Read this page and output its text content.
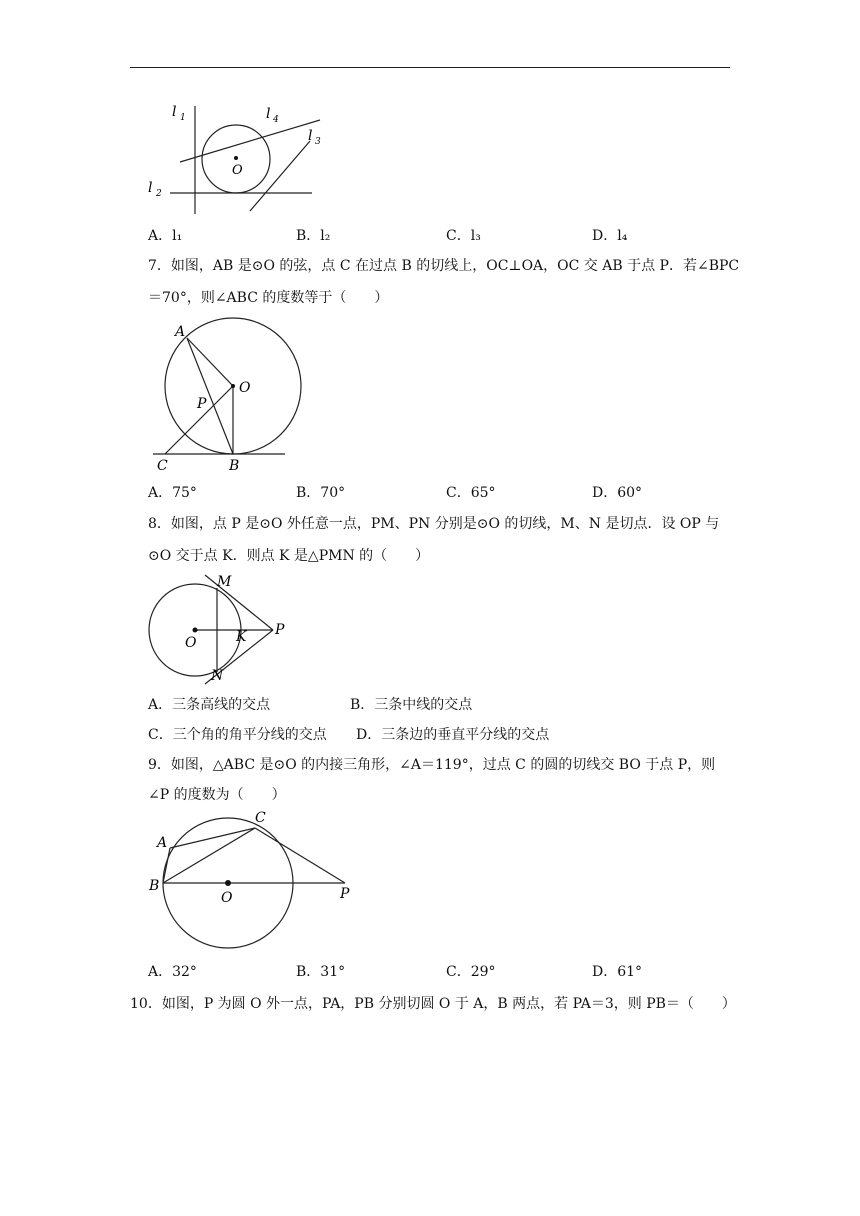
l 1
l 2
l 3
l 4
O
A．l₁	B．l₂	C．l₃	D．l₄
7．如图，AB 是⊙O 的弦，点 C 在过点 B 的切线上，OC⊥OA，OC 交 AB 于点 P．若∠BPC
＝70°，则∠ABC 的度数等于（　　）
A
O
P
C	B
A．75°	B．70°	C．65°	D．60°
8．如图，点 P 是⊙O 外任意一点，PM、PN 分别是⊙O 的切线，M、N 是切点．设 OP 与
⊙O 交于点 K．则点 K 是△PMN 的（　　）
M
O	K P
N
A．三条高线的交点	B．三条中线的交点
C．三个角的角平分线的交点 D．三条边的垂直平分线的交点
9．如图，△ABC 是⊙O 的内接三角形，∠A＝119°，过点 C 的圆的切线交 BO 于点 P，则
∠P 的度数为（　　）
A
B
C
O	P
A．32°	B．31°	C．29°	D．61°
10．如图，P 为圆 O 外一点，PA，PB 分别切圆 O 于 A，B 两点，若 PA＝3，则 PB＝（　　）
